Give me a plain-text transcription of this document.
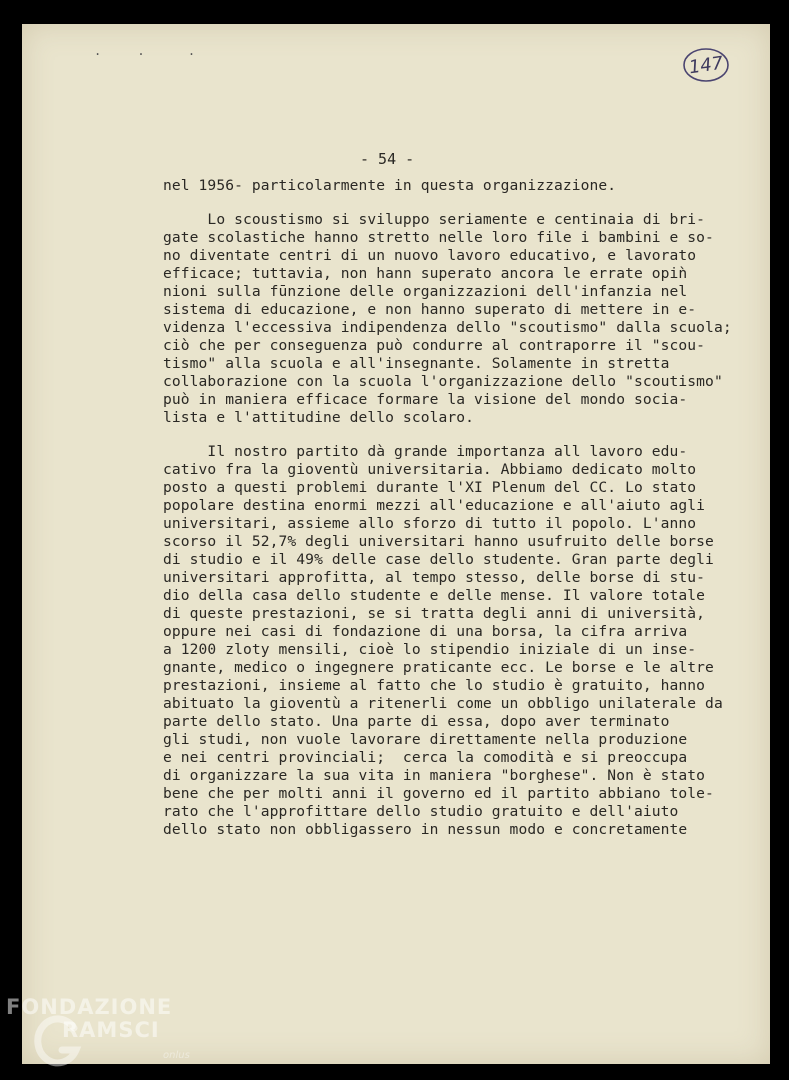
.     .      .
147
- 54 -
nel 1956- particolarmente in questa organizzazione.
Lo scoustismo si sviluppo seriamente e centinaia di bri-
gate scolastiche hanno stretto nelle loro file i bambini e so-
no diventate centri di un nuovo lavoro educativo, e lavorato
efficace; tuttavia, non hann superato ancora le errate opiǹ
nioni sulla fūnzione delle organizzazioni dell'infanzia nel
sistema di educazione, e non hanno superato di mettere in e-
videnza l'eccessiva indipendenza dello "scoutismo" dalla scuola;
ciò che per conseguenza può condurre al contraporre il "scou-
tismo" alla scuola e all'insegnante. Solamente in stretta
collaborazione con la scuola l'organizzazione dello "scoutismo"
può in maniera efficace formare la visione del mondo socia-
lista e l'attitudine dello scolaro.
Il nostro partito dà grande importanza all lavoro edu-
cativo fra la gioventù universitaria. Abbiamo dedicato molto
posto a questi problemi durante l'XI Plenum del CC. Lo stato
popolare destina enormi mezzi all'educazione e all'aiuto agli
universitari, assieme allo sforzo di tutto il popolo. L'anno
scorso il 52,7% degli universitari hanno usufruito delle borse
di studio e il 49% delle case dello studente. Gran parte degli
universitari approfitta, al tempo stesso, delle borse di stu-
dio della casa dello studente e delle mense. Il valore totale
di queste prestazioni, se si tratta degli anni di università,
oppure nei casi di fondazione di una borsa, la cifra arriva
a 1200 zloty mensili, cioè lo stipendio iniziale di un inse-
gnante, medico o ingegnere praticante ecc. Le borse e le altre
prestazioni, insieme al fatto che lo studio è gratuito, hanno
abituato la gioventù a ritenerli come un obbligo unilaterale da
parte dello stato. Una parte di essa, dopo aver terminato
gli studi, non vuole lavorare direttamente nella produzione
e nei centri provinciali;  cerca la comodità e si preoccupa
di organizzare la sua vita in maniera "borghese". Non è stato
bene che per molti anni il governo ed il partito abbiano tole-
rato che l'approfittare dello studio gratuito e dell'aiuto
dello stato non obbligassero in nessun modo e concretamente
FONDAZIONE
RAMSCI
onlus
